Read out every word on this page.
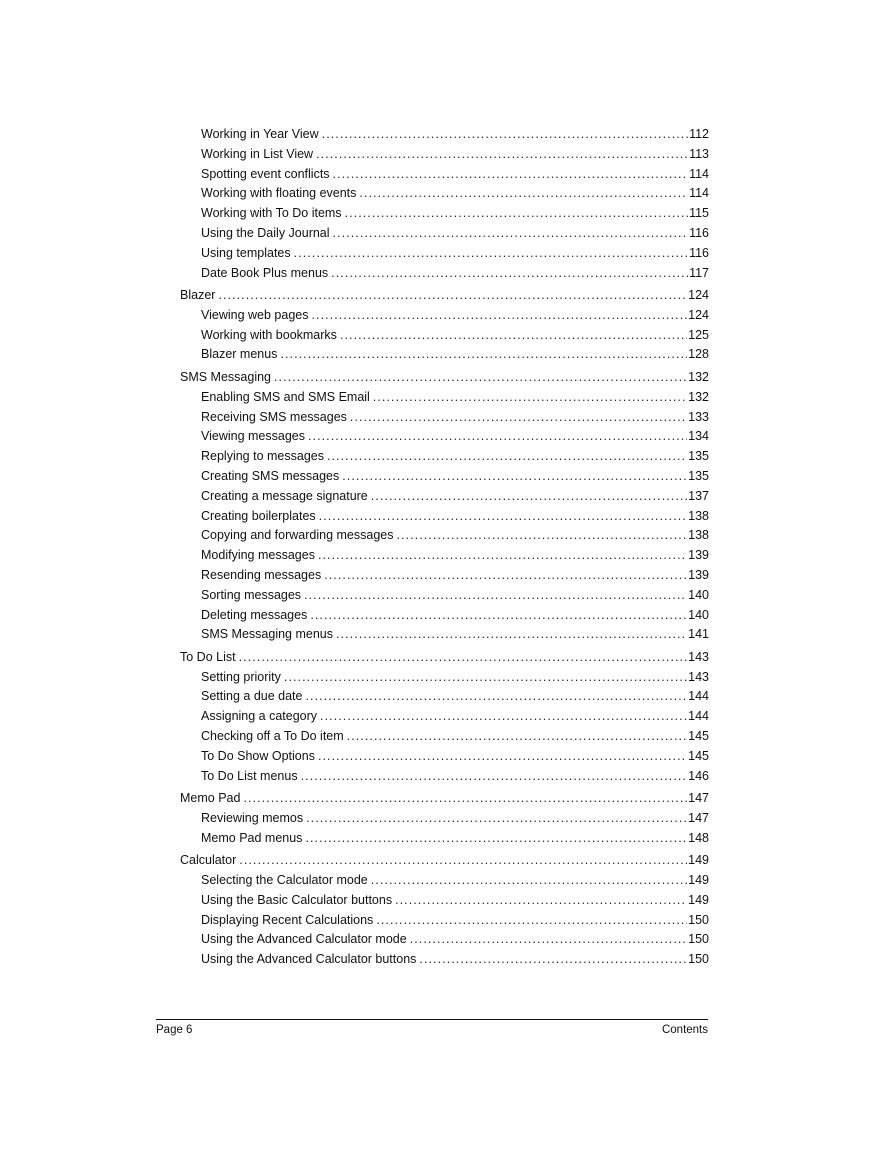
Working in Year View . . .	112
Working in List View . . .	113
Spotting event conflicts . . .	114
Working with floating events . . .	114
Working with To Do items . . .	115
Using the Daily Journal . . .	116
Using templates . . .	116
Date Book Plus menus . . .	117
Blazer . . .	124
Viewing web pages . . .	124
Working with bookmarks . . .	125
Blazer menus . . .	128
SMS Messaging . . .	132
Enabling SMS and SMS Email . . .	132
Receiving SMS messages . . .	133
Viewing messages . . .	134
Replying to messages . . .	135
Creating SMS messages . . .	135
Creating a message signature . . .	137
Creating boilerplates . . .	138
Copying and forwarding messages . . .	138
Modifying messages . . .	139
Resending messages . . .	139
Sorting messages . . .	140
Deleting messages . . .	140
SMS Messaging menus . . .	141
To Do List . . .	143
Setting priority . . .	143
Setting a due date . . .	144
Assigning a category . . .	144
Checking off a To Do item . . .	145
To Do Show Options . . .	145
To Do List menus . . .	146
Memo Pad . . .	147
Reviewing memos . . .	147
Memo Pad menus . . .	148
Calculator . . .	149
Selecting the Calculator mode . . .	149
Using the Basic Calculator buttons . . .	149
Displaying Recent Calculations . . .	150
Using the Advanced Calculator mode . . .	150
Using the Advanced Calculator buttons . . .	150
Page 6	Contents
